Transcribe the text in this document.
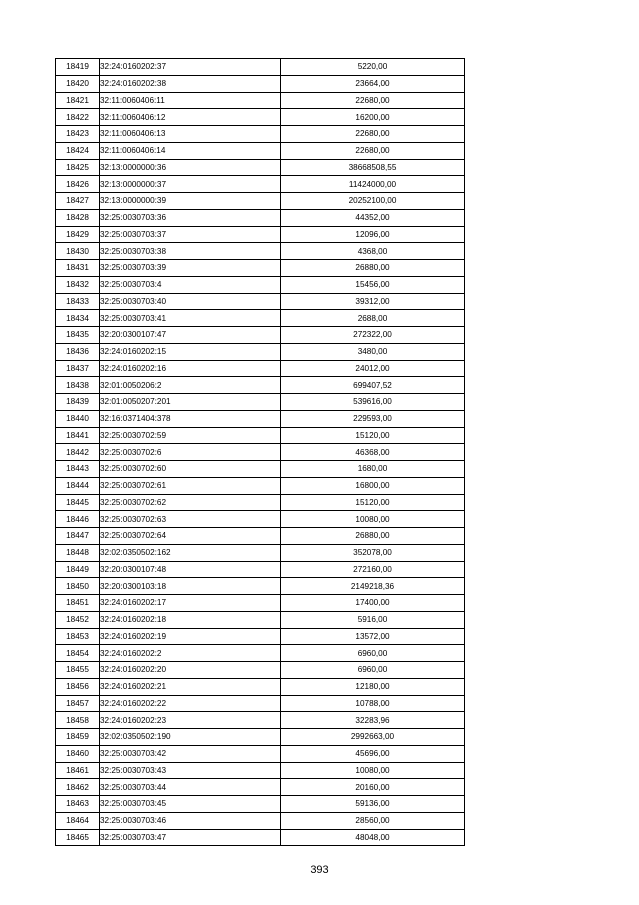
18419	32:24:0160202:37	5220,00
18420	32:24:0160202:38	23664,00
18421	32:11:0060406:11	22680,00
18422	32:11:0060406:12	16200,00
18423	32:11:0060406:13	22680,00
18424	32:11:0060406:14	22680,00
18425	32:13:0000000:36	38668508,55
18426	32:13:0000000:37	11424000,00
18427	32:13:0000000:39	20252100,00
18428	32:25:0030703:36	44352,00
18429	32:25:0030703:37	12096,00
18430	32:25:0030703:38	4368,00
18431	32:25:0030703:39	26880,00
18432	32:25:0030703:4	15456,00
18433	32:25:0030703:40	39312,00
18434	32:25:0030703:41	2688,00
18435	32:20:0300107:47	272322,00
18436	32:24:0160202:15	3480,00
18437	32:24:0160202:16	24012,00
18438	32:01:0050206:2	699407,52
18439	32:01:0050207:201	539616,00
18440	32:16:0371404:378	229593,00
18441	32:25:0030702:59	15120,00
18442	32:25:0030702:6	46368,00
18443	32:25:0030702:60	1680,00
18444	32:25:0030702:61	16800,00
18445	32:25:0030702:62	15120,00
18446	32:25:0030702:63	10080,00
18447	32:25:0030702:64	26880,00
18448	32:02:0350502:162	352078,00
18449	32:20:0300107:48	272160,00
18450	32:20:0300103:18	2149218,36
18451	32:24:0160202:17	17400,00
18452	32:24:0160202:18	5916,00
18453	32:24:0160202:19	13572,00
18454	32:24:0160202:2	6960,00
18455	32:24:0160202:20	6960,00
18456	32:24:0160202:21	12180,00
18457	32:24:0160202:22	10788,00
18458	32:24:0160202:23	32283,96
18459	32:02:0350502:190	2992663,00
18460	32:25:0030703:42	45696,00
18461	32:25:0030703:43	10080,00
18462	32:25:0030703:44	20160,00
18463	32:25:0030703:45	59136,00
18464	32:25:0030703:46	28560,00
18465	32:25:0030703:47	48048,00
393
